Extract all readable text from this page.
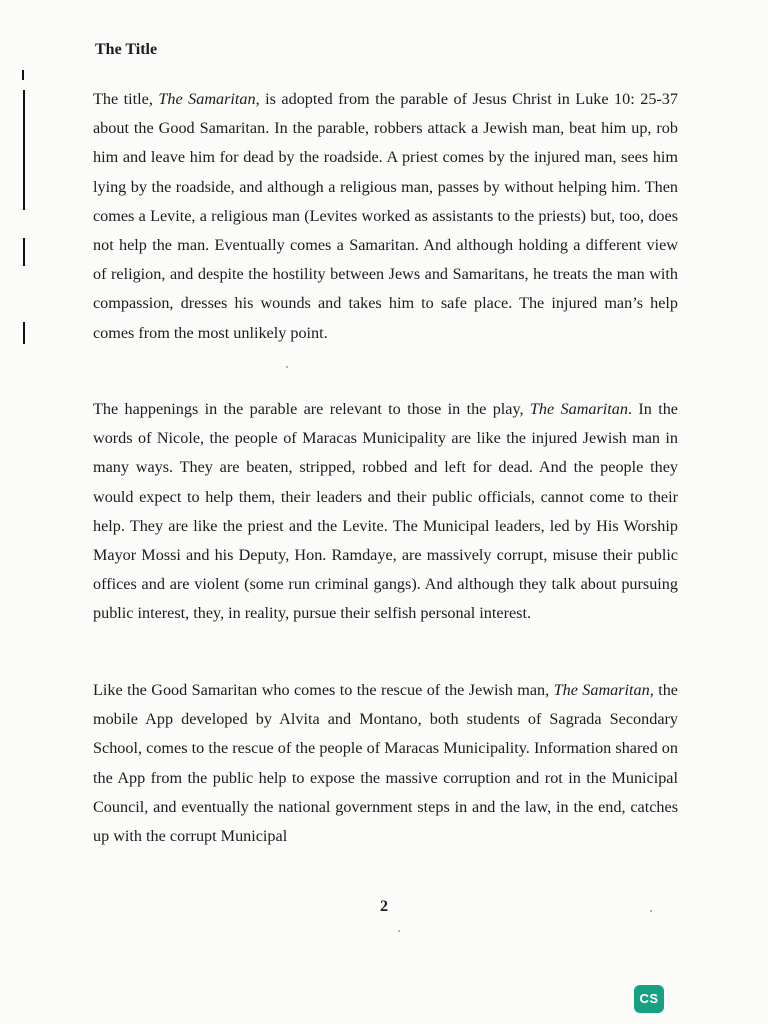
The Title

The title, The Samaritan, is adopted from the parable of Jesus Christ in Luke 10: 25-37 about the Good Samaritan. In the parable, robbers attack a Jewish man, beat him up, rob him and leave him for dead by the roadside. A priest comes by the injured man, sees him lying by the roadside, and although a religious man, passes by without helping him. Then comes a Levite, a religious man (Levites worked as assistants to the priests) but, too, does not help the man. Eventually comes a Samaritan. And although holding a different view of religion, and despite the hostility between Jews and Samaritans, he treats the man with compassion, dresses his wounds and takes him to safe place. The injured man’s help comes from the most unlikely point.

The happenings in the parable are relevant to those in the play, The Samaritan. In the words of Nicole, the people of Maracas Municipality are like the injured Jewish man in many ways. They are beaten, stripped, robbed and left for dead. And the people they would expect to help them, their leaders and their public officials, cannot come to their help. They are like the priest and the Levite. The Municipal leaders, led by His Worship Mayor Mossi and his Deputy, Hon. Ramdaye, are massively corrupt, misuse their public offices and are violent (some run criminal gangs). And although they talk about pursuing public interest, they, in reality, pursue their selfish personal interest.

Like the Good Samaritan who comes to the rescue of the Jewish man, The Samaritan, the mobile App developed by Alvita and Montano, both students of Sagrada Secondary School, comes to the rescue of the people of Maracas Municipality. Information shared on the App from the public help to expose the massive corruption and rot in the Municipal Council, and eventually the national government steps in and the law, in the end, catches up with the corrupt Municipal

2
CS
